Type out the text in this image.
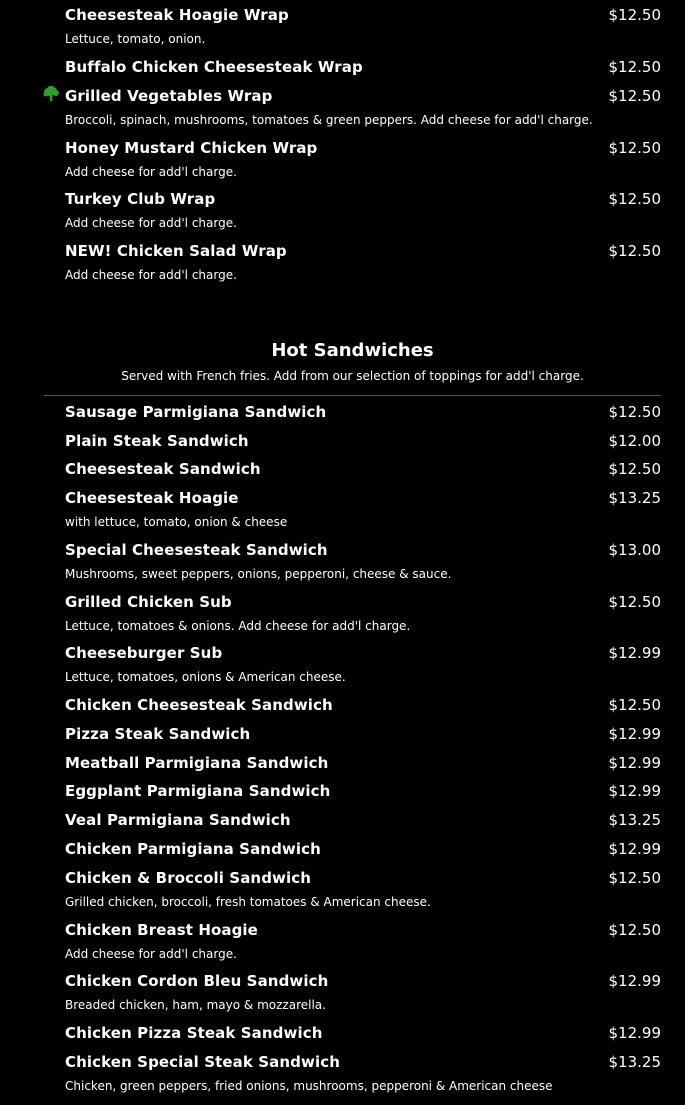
Cheesesteak Hoagie Wrap	$12.50
Lettuce, tomato, onion.
Buffalo Chicken Cheesesteak Wrap	$12.50
Grilled Vegetables Wrap	$12.50
Broccoli, spinach, mushrooms, tomatoes & green peppers. Add cheese for add'l charge.
Honey Mustard Chicken Wrap	$12.50
Add cheese for add'l charge.
Turkey Club Wrap	$12.50
Add cheese for add'l charge.
NEW! Chicken Salad Wrap	$12.50
Add cheese for add'l charge.
Hot Sandwiches
Served with French fries. Add from our selection of toppings for add'l charge.
Sausage Parmigiana Sandwich	$12.50
Plain Steak Sandwich	$12.00
Cheesesteak Sandwich	$12.50
Cheesesteak Hoagie	$13.25
with lettuce, tomato, onion & cheese
Special Cheesesteak Sandwich	$13.00
Mushrooms, sweet peppers, onions, pepperoni, cheese & sauce.
Grilled Chicken Sub	$12.50
Lettuce, tomatoes & onions. Add cheese for add'l charge.
Cheeseburger Sub	$12.99
Lettuce, tomatoes, onions & American cheese.
Chicken Cheesesteak Sandwich	$12.50
Pizza Steak Sandwich	$12.99
Meatball Parmigiana Sandwich	$12.99
Eggplant Parmigiana Sandwich	$12.99
Veal Parmigiana Sandwich	$13.25
Chicken Parmigiana Sandwich	$12.99
Chicken & Broccoli Sandwich	$12.50
Grilled chicken, broccoli, fresh tomatoes & American cheese.
Chicken Breast Hoagie	$12.50
Add cheese for add'l charge.
Chicken Cordon Bleu Sandwich	$12.99
Breaded chicken, ham, mayo & mozzarella.
Chicken Pizza Steak Sandwich	$12.99
Chicken Special Steak Sandwich	$13.25
Chicken, green peppers, fried onions, mushrooms, pepperoni & American cheese
